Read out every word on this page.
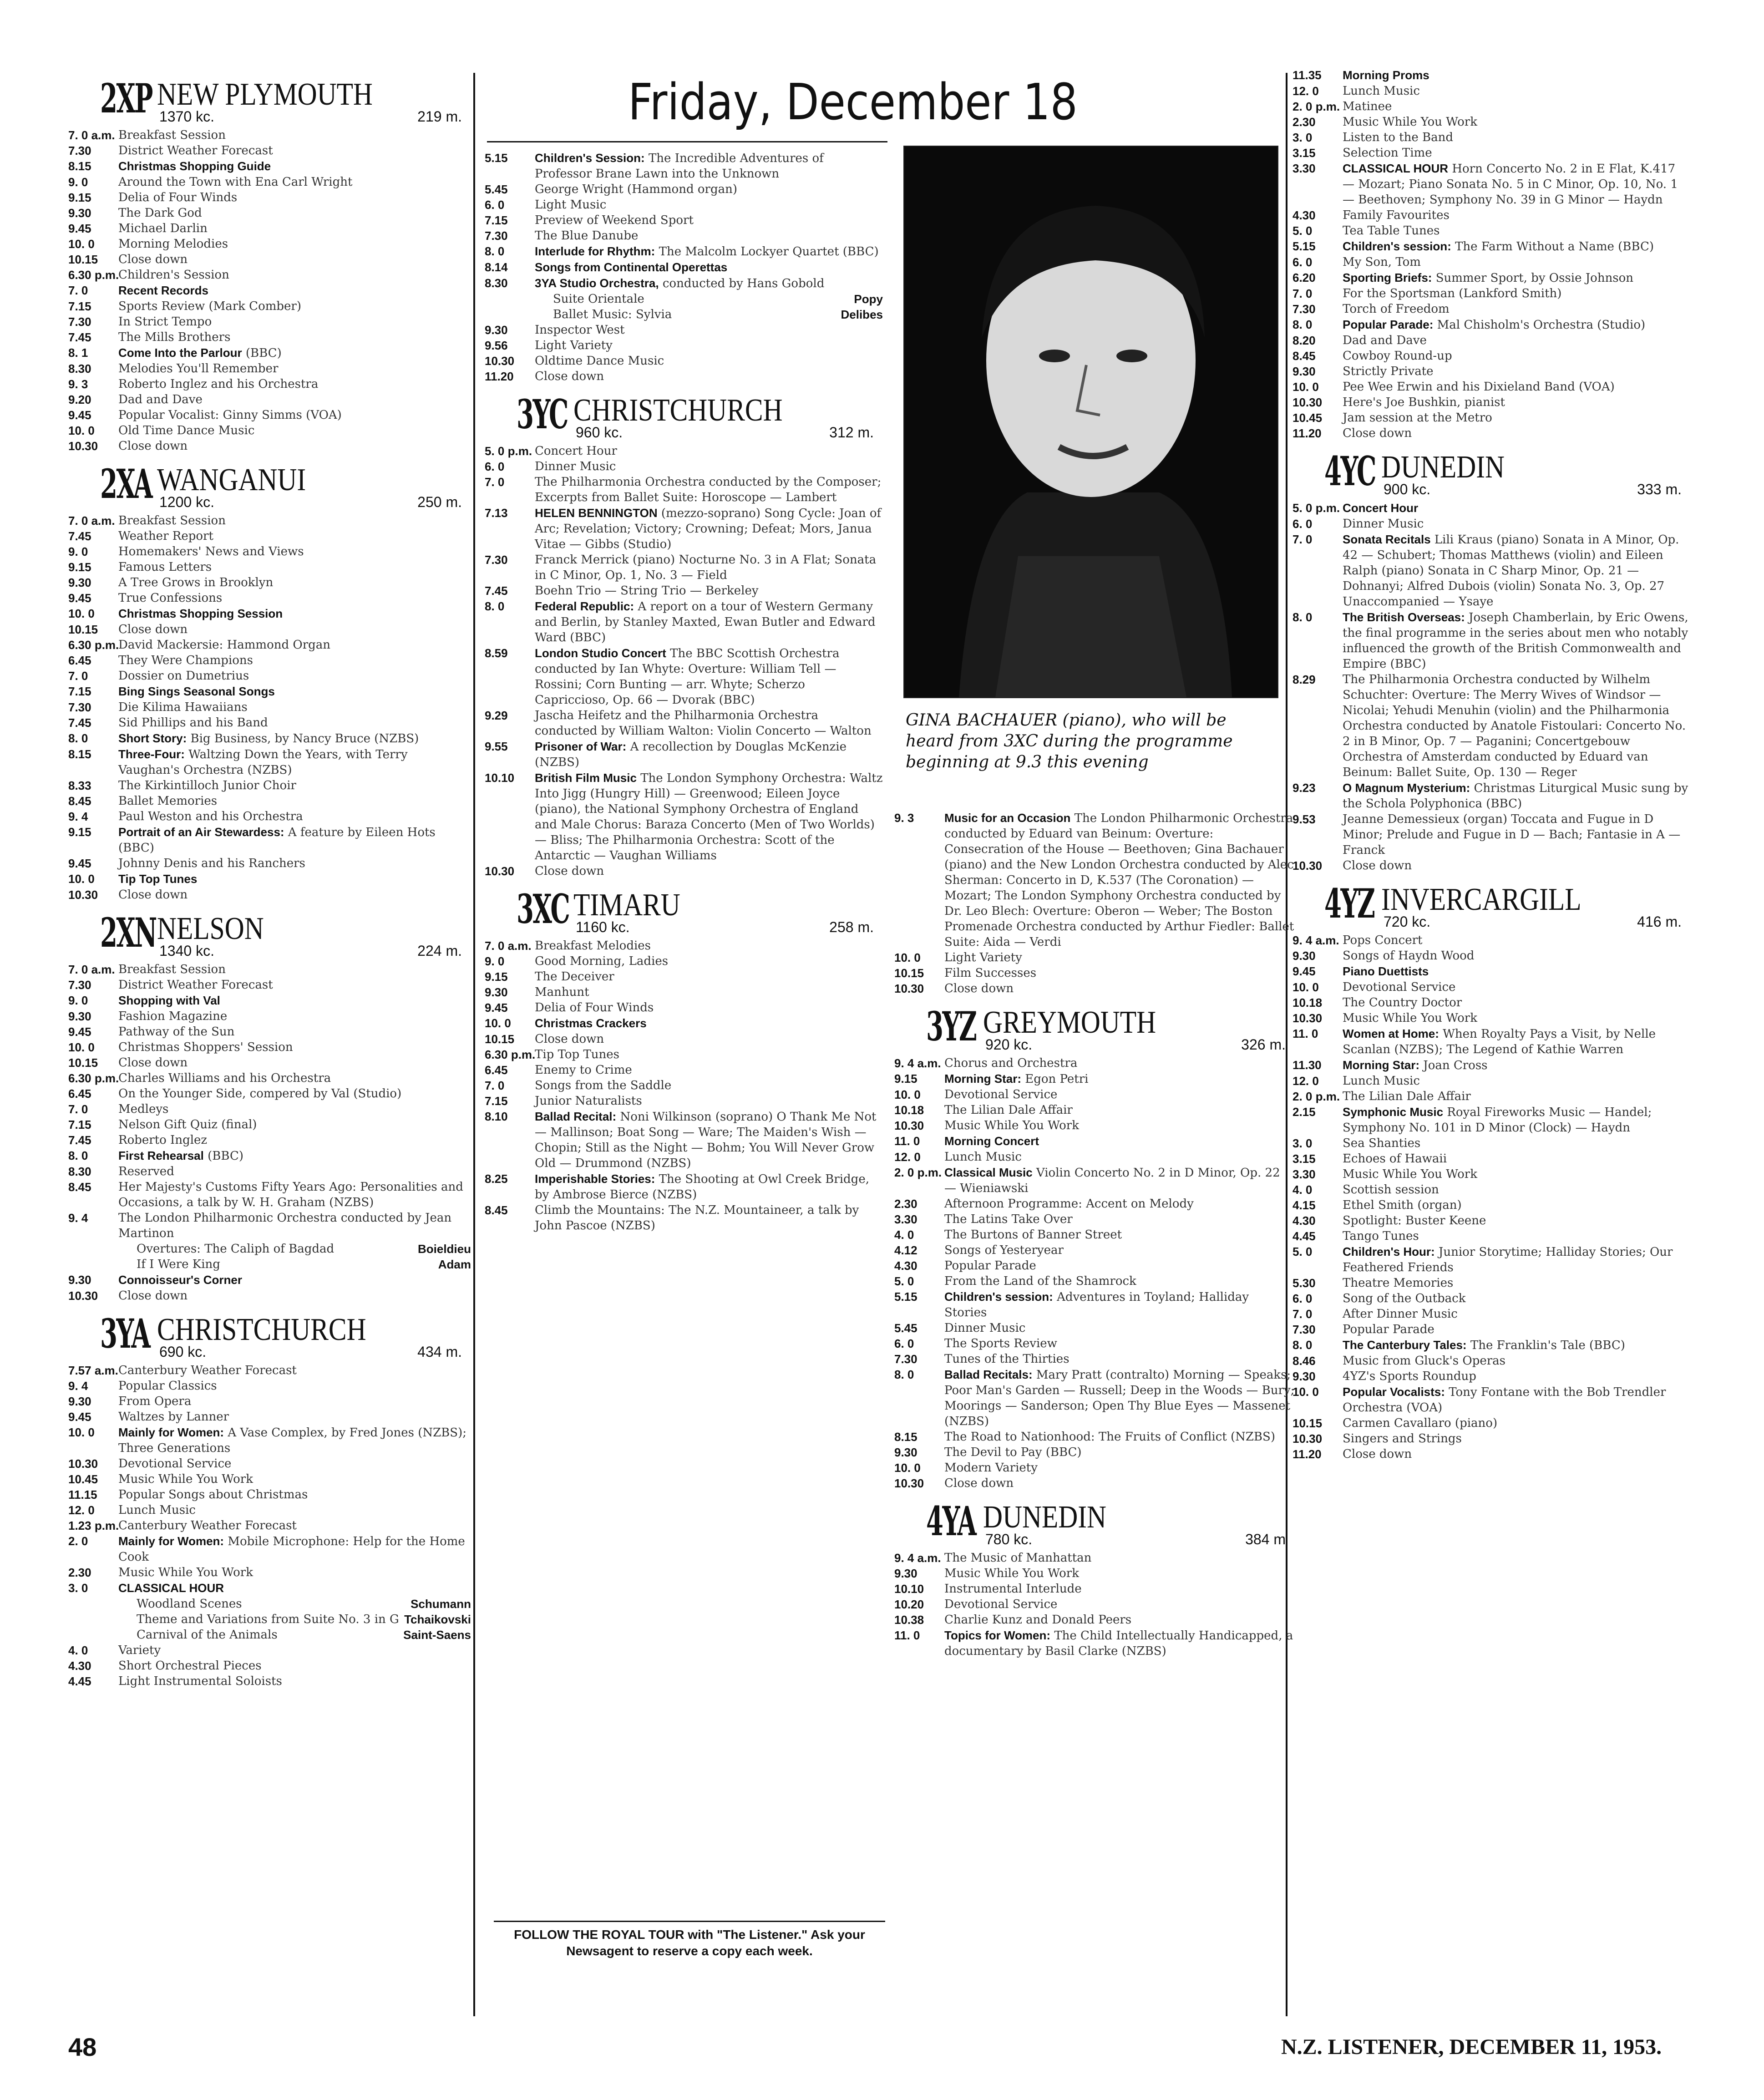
Friday, December 18
2XP NEW PLYMOUTH
1370 kc.	219 m.
7. 0 a.m. Breakfast Session
7.30 District Weather Forecast
8.15 Christmas Shopping Guide
9. 0	Around the Town with Ena Carl Wright
9.15 Delia of Four Winds
9.30 The Dark God
9.45 Michael Darlin
10. 0 Morning Melodies
10.15 Close down
6.30 p.m.
Children's Session
7. 0	Recent Records
7.15 Sports Review (Mark Comber)
7.30 In Strict Tempo
7.45 The Mills Brothers
8. 1	Come Into the Parlour (BBC)
8.30 Melodies You'll Remember
9. 3	Roberto Inglez and his Orchestra
9.20 Dad and Dave
9.45 Popular Vocalist: Ginny Simms (VOA)
10. 0 Old Time Dance Music
10.30 Close down
2XA WANGANUI
1200 kc.	250 m.
7. 0 a.m. Breakfast Session
7.45 Weather Report
9. 0	Homemakers' News and Views
9.15 Famous Letters
9.30 A Tree Grows in Brooklyn
9.45 True Confessions
10. 0 Christmas Shopping Session
10.15 Close down
6.30 p.m.
David Mackersie: Hammond Organ
6.45 They Were Champions
7. 0	Dossier on Dumetrius
7.15 Bing Sings Seasonal Songs
7.30 Die Kilima Hawaiians
7.45 Sid Phillips and his Band
8. 0	Short Story: Big Business, by Nancy Bruce (NZBS)
8.15 Three-Four: Waltzing Down the Years, with Terry Vaughan's Orchestra (NZBS)
8.33 The Kirkintilloch Junior Choir
8.45 Ballet Memories
9. 4	Paul Weston and his Orchestra
9.15 Portrait of an Air Stewardess: A feature by Eileen Hots (BBC)
9.45 Johnny Denis and his Ranchers
10. 0 Tip Top Tunes
10.30 Close down
2XN NELSON
1340 kc.	224 m.
7. 0 a.m. Breakfast Session
7.30 District Weather Forecast
9. 0	Shopping with Val
9.30 Fashion Magazine
9.45 Pathway of the Sun
10. 0 Christmas Shoppers' Session
10.15 Close down
6.30 p.m.
Charles Williams and his Orchestra
6.45 On the Younger Side, compered by Val (Studio)
7. 0	Medleys
7.15 Nelson Gift Quiz (final)
7.45 Roberto Inglez
8. 0	First Rehearsal (BBC)
8.30 Reserved
8.45 Her Majesty's Customs Fifty Years Ago: Personalities and Occasions, a talk by W. H. Graham (NZBS)
9. 4	The London Philharmonic Orchestra conducted by Jean Martinon
Overtures: The Caliph of Bagdad	Boieldieu
If I Were King	Adam
9.30 Connoisseur's Corner
10.30 Close down
3YA CHRISTCHURCH
690 kc.	434 m.
7.57 a.m. Canterbury Weather Forecast
9. 4	Popular Classics
9.30 From Opera
9.45 Waltzes by Lanner
10. 0 Mainly for Women: A Vase Complex, by Fred Jones (NZBS); Three Generations
10.30 Devotional Service
10.45 Music While You Work
11.15 Popular Songs about Christmas
12. 0 Lunch Music
1.23 p.m.
Canterbury Weather Forecast
2. 0	Mainly for Women: Mobile Microphone: Help for the Home Cook
2.30 Music While You Work
3. 0	CLASSICAL HOUR
Woodland Scenes	Schumann
Theme and Variations from Suite No. 3 in G Tchaikovski
Carnival of the Animals	Saint-Saens
4. 0	Variety
4.30 Short Orchestral Pieces
4.45 Light Instrumental Soloists
5.15 Children's Session: The Incredible Adventures of Professor Brane Lawn into the Unknown
5.45 George Wright (Hammond organ)
6. 0	Light Music
7.15 Preview of Weekend Sport
7.30 The Blue Danube
8. 0	Interlude for Rhythm: The Malcolm Lockyer Quartet (BBC)
8.14 Songs from Continental Operettas
8.30 3YA Studio Orchestra, conducted by Hans Gobold
Suite Orientale	Popy
Ballet Music: Sylvia	Delibes
9.30 Inspector West
9.56 Light Variety
10.30 Oldtime Dance Music
11.20 Close down
3YC CHRISTCHURCH
960 kc.	312 m.
5. 0 p.m. Concert Hour
6. 0	Dinner Music
7. 0	The Philharmonia Orchestra conducted by the Composer; Excerpts from Ballet Suite: Horoscope — Lambert
7.13 HELEN BENNINGTON (mezzo-soprano) Song Cycle: Joan of Arc; Revelation; Victory; Crowning; Defeat; Mors, Janua Vitae — Gibbs (Studio)
7.30 Franck Merrick (piano) Nocturne No. 3 in A Flat; Sonata in C Minor, Op. 1, No. 3 — Field
7.45 Boehn Trio — String Trio — Berkeley
8. 0	Federal Republic: A report on a tour of Western Germany and Berlin, by Stanley Maxted, Ewan Butler and Edward Ward (BBC)
8.59 London Studio Concert The BBC Scottish Orchestra conducted by Ian Whyte: Overture: William Tell — Rossini; Corn Bunting — arr. Whyte; Scherzo Capriccioso, Op. 66 — Dvorak (BBC)
9.29 Jascha Heifetz and the Philharmonia Orchestra conducted by William Walton: Violin Concerto — Walton
9.55 Prisoner of War: A recollection by Douglas McKenzie (NZBS)
10.10 British Film Music The London Symphony Orchestra: Waltz Into Jigg (Hungry Hill) — Greenwood; Eileen Joyce (piano), the National Symphony Orchestra of England and Male Chorus: Baraza Concerto (Men of Two Worlds) — Bliss; The Philharmonia Orchestra: Scott of the Antarctic — Vaughan Williams
10.30 Close down
3XC TIMARU
1160 kc.	258 m.
7. 0 a.m. Breakfast Melodies
9. 0	Good Morning, Ladies
9.15 The Deceiver
9.30 Manhunt
9.45 Delia of Four Winds
10. 0 Christmas Crackers
10.15 Close down
6.30 p.m.
Tip Top Tunes
6.45 Enemy to Crime
7. 0	Songs from the Saddle
7.15 Junior Naturalists
8.10 Ballad Recital: Noni Wilkinson (soprano) O Thank Me Not — Mallinson; Boat Song — Ware; The Maiden's Wish — Chopin; Still as the Night — Bohm; You Will Never Grow Old — Drummond (NZBS)
8.25 Imperishable Stories: The Shooting at Owl Creek Bridge, by Ambrose Bierce (NZBS)
8.45 Climb the Mountains: The N.Z. Mountaineer, a talk by John Pascoe (NZBS)
9. 3	Music for an Occasion The London Philharmonic Orchestra conducted by Eduard van Beinum: Overture: Consecration of the House — Beethoven; Gina Bachauer (piano) and the New London Orchestra conducted by Alec Sherman: Concerto in D, K.537 (The Coronation) — Mozart; The London Symphony Orchestra conducted by Dr. Leo Blech: Overture: Oberon — Weber; The Boston Promenade Orchestra conducted by Arthur Fiedler: Ballet Suite: Aida — Verdi
10. 0 Light Variety
10.15 Film Successes
10.30 Close down
3YZ GREYMOUTH
920 kc.	326 m.
9. 4 a.m. Chorus and Orchestra
9.15 Morning Star: Egon Petri
10. 0 Devotional Service
10.18 The Lilian Dale Affair
10.30 Music While You Work
11. 0 Morning Concert
12. 0 Lunch Music
2. 0 p.m. Classical Music Violin Concerto No. 2 in D Minor, Op. 22 — Wieniawski
2.30 Afternoon Programme: Accent on Melody
3.30 The Latins Take Over
4. 0	The Burtons of Banner Street
4.12 Songs of Yesteryear
4.30 Popular Parade
5. 0	From the Land of the Shamrock
5.15 Children's session: Adventures in Toyland; Halliday Stories
5.45 Dinner Music
6. 0	The Sports Review
7.30 Tunes of the Thirties
8. 0	Ballad Recitals: Mary Pratt (contralto) Morning — Speaks; Poor Man's Garden — Russell; Deep in the Woods — Bury; Moorings — Sanderson; Open Thy Blue Eyes — Massenet (NZBS)
8.15 The Road to Nationhood: The Fruits of Conflict (NZBS)
9.30 The Devil to Pay (BBC)
10. 0 Modern Variety
10.30 Close down
4YA DUNEDIN
780 kc.	384 m
9. 4 a.m. The Music of Manhattan
9.30 Music While You Work
10.10 Instrumental Interlude
10.20 Devotional Service
10.38 Charlie Kunz and Donald Peers
11. 0 Topics for Women: The Child Intellectually Handicapped, a documentary by Basil Clarke (NZBS)
11.35 Morning Proms
12. 0 Lunch Music
2. 0 p.m. Matinee
2.30 Music While You Work
3. 0	Listen to the Band
3.15 Selection Time
3.30 CLASSICAL HOUR Horn Concerto No. 2 in E Flat, K.417 — Mozart; Piano Sonata No. 5 in C Minor, Op. 10, No. 1 — Beethoven; Symphony No. 39 in G Minor — Haydn
4.30 Family Favourites
5. 0	Tea Table Tunes
5.15 Children's session: The Farm Without a Name (BBC)
6. 0	My Son, Tom
6.20 Sporting Briefs: Summer Sport, by Ossie Johnson
7. 0	For the Sportsman (Lankford Smith)
7.30 Torch of Freedom
8. 0	Popular Parade: Mal Chisholm's Orchestra (Studio)
8.20 Dad and Dave
8.45 Cowboy Round-up
9.30 Strictly Private
10. 0 Pee Wee Erwin and his Dixieland Band (VOA)
10.30 Here's Joe Bushkin, pianist
10.45 Jam session at the Metro
11.20 Close down
4YC DUNEDIN
900 kc.	333 m.
5. 0 p.m. Concert Hour
6. 0	Dinner Music
7. 0	Sonata Recitals Lili Kraus (piano) Sonata in A Minor, Op. 42 — Schubert; Thomas Matthews (violin) and Eileen Ralph (piano) Sonata in C Sharp Minor, Op. 21 — Dohnanyi; Alfred Dubois (violin) Sonata No. 3, Op. 27 Unaccompanied — Ysaye
8. 0	The British Overseas: Joseph Chamberlain, by Eric Owens, the final programme in the series about men who notably influenced the growth of the British Commonwealth and Empire (BBC)
8.29 The Philharmonia Orchestra conducted by Wilhelm Schuchter: Overture: The Merry Wives of Windsor — Nicolai; Yehudi Menuhin (violin) and the Philharmonia Orchestra conducted by Anatole Fistoulari: Concerto No. 2 in B Minor, Op. 7 — Paganini; Concertgebouw Orchestra of Amsterdam conducted by Eduard van Beinum: Ballet Suite, Op. 130 — Reger
9.23 O Magnum Mysterium: Christmas Liturgical Music sung by the Schola Polyphonica (BBC)
9.53 Jeanne Demessieux (organ) Toccata and Fugue in D Minor; Prelude and Fugue in D — Bach; Fantasie in A — Franck
10.30 Close down
4YZ INVERCARGILL
720 kc.	416 m.
9. 4 a.m. Pops Concert
9.30 Songs of Haydn Wood
9.45 Piano Duettists
10. 0 Devotional Service
10.18 The Country Doctor
10.30 Music While You Work
11. 0 Women at Home: When Royalty Pays a Visit, by Nelle Scanlan (NZBS); The Legend of Kathie Warren
11.30 Morning Star: Joan Cross
12. 0 Lunch Music
2. 0 p.m. The Lilian Dale Affair
2.15 Symphonic Music Royal Fireworks Music — Handel; Symphony No. 101 in D Minor (Clock) — Haydn
3. 0	Sea Shanties
3.15 Echoes of Hawaii
3.30 Music While You Work
4. 0	Scottish session
4.15 Ethel Smith (organ)
4.30 Spotlight: Buster Keene
4.45 Tango Tunes
5. 0	Children's Hour: Junior Storytime; Halliday Stories; Our Feathered Friends
5.30 Theatre Memories
6. 0	Song of the Outback
7. 0	After Dinner Music
7.30 Popular Parade
8. 0	The Canterbury Tales: The Franklin's Tale (BBC)
8.46 Music from Gluck's Operas
9.30 4YZ's Sports Roundup
10. 0 Popular Vocalists: Tony Fontane with the Bob Trendler Orchestra (VOA)
10.15 Carmen Cavallaro (piano)
10.30 Singers and Strings
11.20 Close down
GINA BACHAUER (piano), who will be heard from 3XC during the programme beginning at 9.3 this evening
FOLLOW THE ROYAL TOUR with "The Listener." Ask your Newsagent to reserve a copy each week.
48	N.Z. LISTENER, DECEMBER 11, 1953.
